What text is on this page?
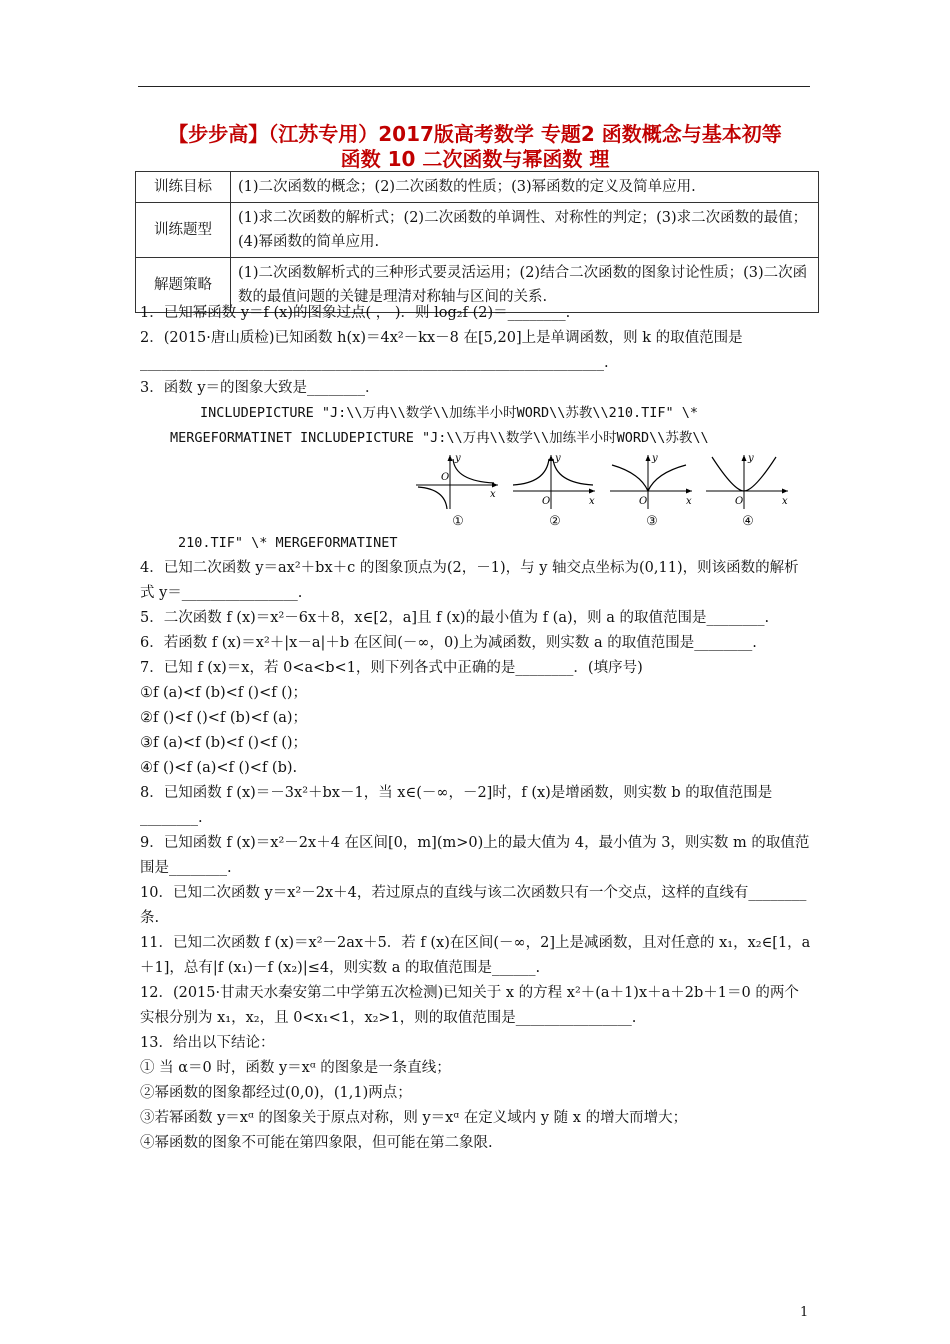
【步步高】（江苏专用）2017版高考数学 专题2 函数概念与基本初等
函数 10 二次函数与幂函数 理
训练目标	(1)二次函数的概念；(2)二次函数的性质；(3)幂函数的定义及简单应用.
训练题型	(1)求二次函数的解析式；(2)二次函数的单调性、对称性的判定；(3)求二次函数的最值；(4)幂函数的简单应用.
解题策略	(1)二次函数解析式的三种形式要灵活运用；(2)结合二次函数的图象讨论性质；(3)二次函数的最值问题的关键是理清对称轴与区间的关系.

1．已知幂函数 y＝f (x)的图象过点( ， )．则 log₂f (2)＝________.

2．(2015·唐山质检)已知函数 h(x)＝4x²－kx－8 在[5,20]上是单调函数，则 k 的取值范围是________________________________________________________________.

3．函数 y＝的图象大致是________．

INCLUDEPICTURE "J:\\万冉\\数学\\加练半小时WORD\\苏教\\210.TIF" \*

MERGEFORMATINET INCLUDEPICTURE "J:\\万冉\\数学\\加练半小时WORD\\苏教\\

y
x
O
①
y
x
O
②
y
x
O
③
y
x
O
④

210.TIF" \* MERGEFORMATINET

4．已知二次函数 y＝ax²＋bx＋c 的图象顶点为(2，－1)，与 y 轴交点坐标为(0,11)，则该函数的解析式 y＝________________.

5．二次函数 f (x)＝x²－6x＋8，x∈[2，a]且 f (x)的最小值为 f (a)，则 a 的取值范围是________.

6．若函数 f (x)＝x²＋|x－a|＋b 在区间(－∞，0)上为减函数，则实数 a 的取值范围是________.

7．已知 f (x)＝x，若 0<a<b<1，则下列各式中正确的是________．(填序号)

①f (a)<f (b)<f ()<f ()；

②f ()<f ()<f (b)<f (a)；

③f (a)<f (b)<f ()<f ()；

④f ()<f (a)<f ()<f (b).

8．已知函数 f (x)＝－3x²＋bx－1，当 x∈(－∞，－2]时，f (x)是增函数，则实数 b 的取值范围是________.

9．已知函数 f (x)＝x²－2x＋4 在区间[0，m](m>0)上的最大值为 4，最小值为 3，则实数 m 的取值范围是________.

10．已知二次函数 y＝x²－2x＋4，若过原点的直线与该二次函数只有一个交点，这样的直线有________条.

11．已知二次函数 f (x)＝x²－2ax＋5．若 f (x)在区间(－∞，2]上是减函数，且对任意的 x₁，x₂∈[1，a＋1]，总有|f (x₁)－f (x₂)|≤4，则实数 a 的取值范围是______.

12．(2015·甘肃天水秦安第二中学第五次检测)已知关于 x 的方程 x²＋(a＋1)x＋a＋2b＋1＝0 的两个实根分别为 x₁，x₂，且 0<x₁<1，x₂>1，则的取值范围是________________.

13．给出以下结论：

① 当 α＝0 时，函数 y＝xᵅ 的图象是一条直线；

②幂函数的图象都经过(0,0)，(1,1)两点；

③若幂函数 y＝xᵅ 的图象关于原点对称，则 y＝xᵅ 在定义域内 y 随 x 的增大而增大；

④幂函数的图象不可能在第四象限，但可能在第二象限.

1
